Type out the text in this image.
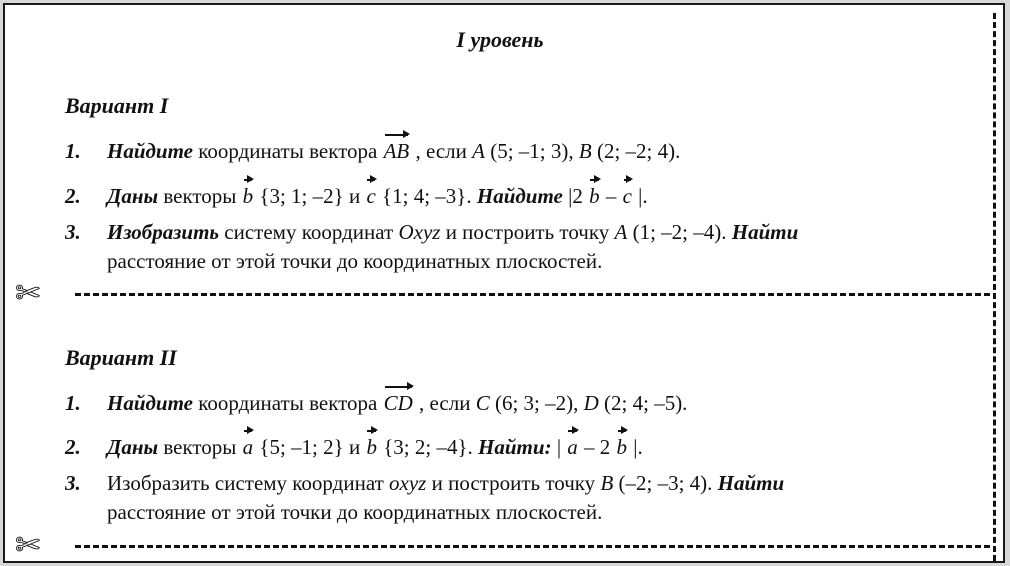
I уровень
Вариант I
1. Найдите координаты вектора AB , если A (5; –1; 3), B (2; –2; 4).
2. Даны векторы b {3; 1; –2} и c {1; 4; –3}. Найдите |2 b – c |.
3. Изобразить систему координат Oxyz и построить точку A (1; –2; –4). Найти
расстояние от этой точки до координатных плоскостей.
✄
Вариант II
1. Найдите координаты вектора CD , если C (6; 3; –2), D (2; 4; –5).
2. Даны векторы a {5; –1; 2} и b {3; 2; –4}. Найти: | a – 2 b |.
3. Изобразить систему координат oxyz и построить точку B (–2; –3; 4). Найти
расстояние от этой точки до координатных плоскостей.
✄
